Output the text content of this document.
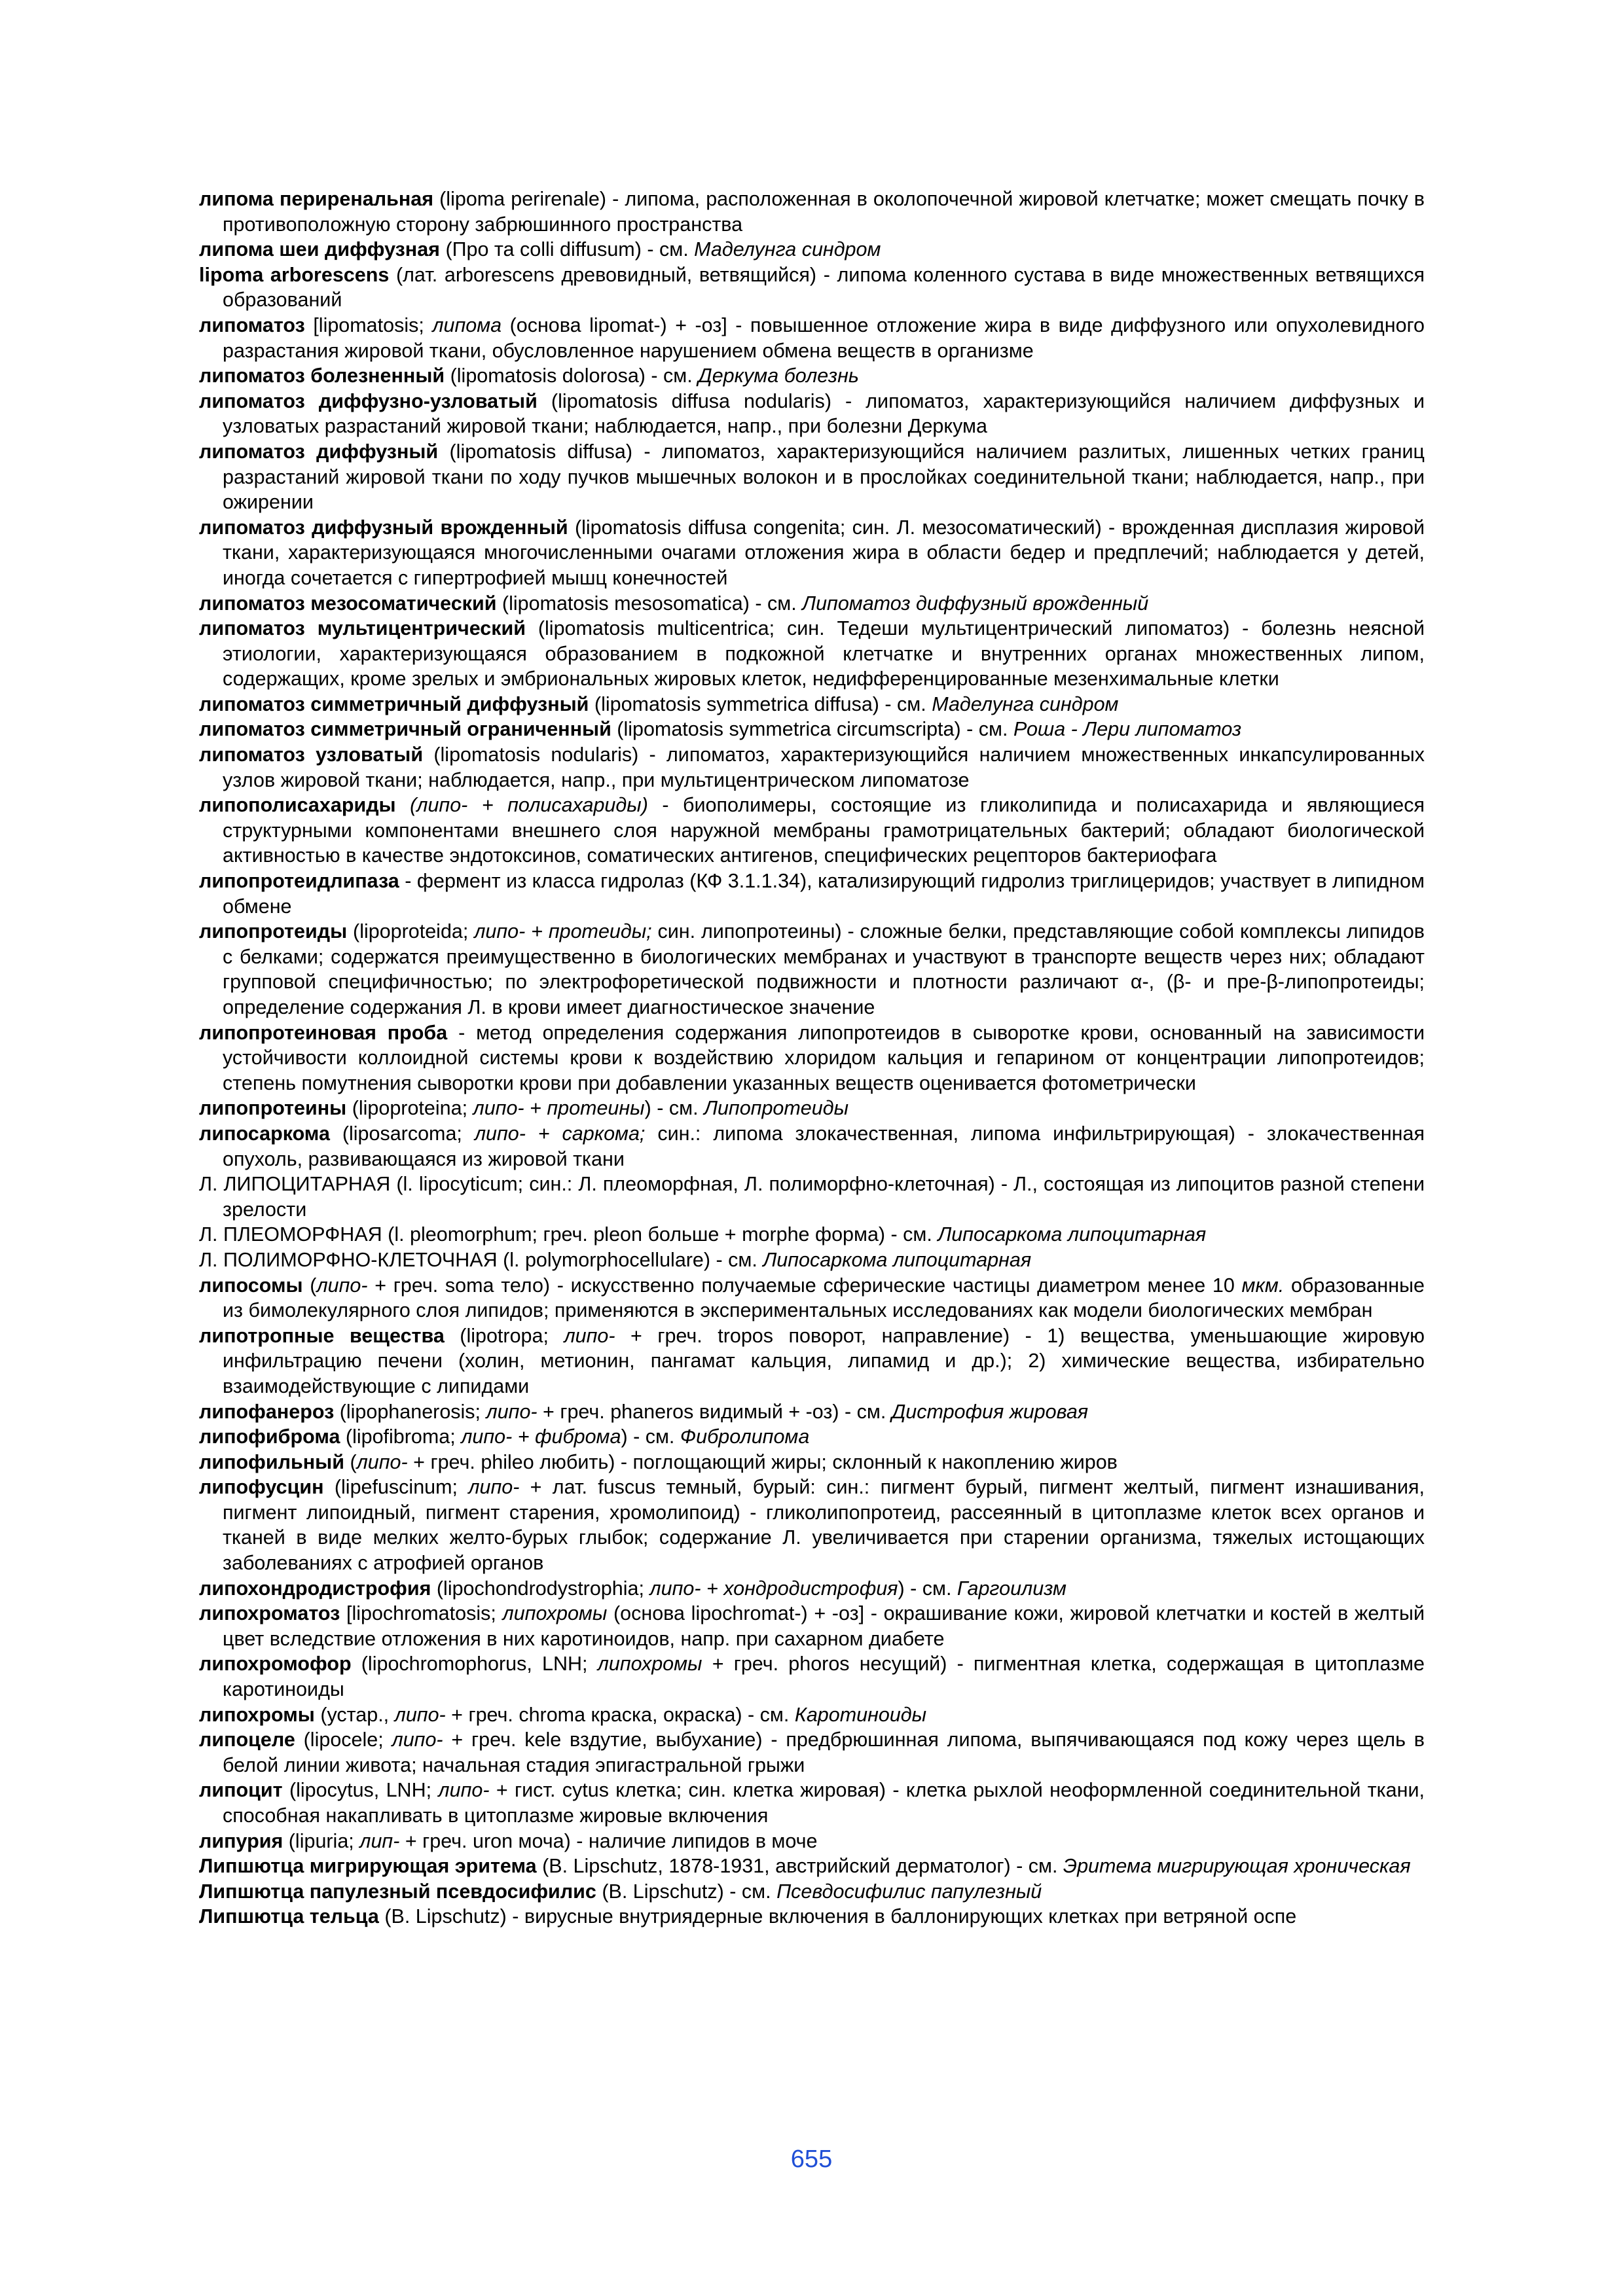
липома периренальная (lipoma perirenale) - липома, расположенная в околопочечной жировой клетчатке; может смещать почку в противоположную сторону забрюшинного пространства

липома шеи диффузная (Про та colli diffusum) - см. Маделунга синдром

lipoma arborescens (лат. arborescens древовидный, ветвящийся) - липома коленного сустава в виде множественных ветвящихся образований

липоматоз [lipomatosis; липома (основа lipomat-) + -оз] - повышенное отложение жира в виде диффузного или опухолевидного разрастания жировой ткани, обусловленное нарушением обмена веществ в организме

липоматоз болезненный (lipomatosis dolorosa) - см. Деркума болезнь

липоматоз диффузно-узловатый (lipomatosis diffusa nodularis) - липоматоз, характеризующийся наличием диффузных и узловатых разрастаний жировой ткани; наблюдается, напр., при болезни Деркума

липоматоз диффузный (lipomatosis diffusa) - липоматоз, характеризующийся наличием разлитых, лишенных четких границ разрастаний жировой ткани по ходу пучков мышечных волокон и в прослойках соединительной ткани; наблюдается, напр., при ожирении

липоматоз диффузный врожденный (lipomatosis diffusa congenita; син. Л. мезосоматический) - врожденная дисплазия жировой ткани, характеризующаяся многочисленными очагами отложения жира в области бедер и предплечий; наблюдается у детей, иногда сочетается с гипертрофией мышц конечностей

липоматоз мезосоматический (lipomatosis mesosomatica) - см. Липоматоз диффузный врожденный

липоматоз мультицентрический (lipomatosis multicentrica; син. Тедеши мультицентрический липоматоз) - болезнь неясной этиологии, характеризующаяся образованием в подкожной клетчатке и внутренних органах множественных липом, содержащих, кроме зрелых и эмбриональных жировых клеток, недифференцированные мезенхимальные клетки

липоматоз симметричный диффузный (lipomatosis symmetrica diffusa) - см. Маделунга синдром

липоматоз симметричный ограниченный (lipomatosis symmetrica circumscripta) - см. Роша - Лери липоматоз

липоматоз узловатый (lipomatosis nodularis) - липоматоз, характеризующийся наличием множественных инкапсулированных узлов жировой ткани; наблюдается, напр., при мультицентрическом липоматозе

липополисахариды (липо- + полисахариды) - биополимеры, состоящие из гликолипида и полисахарида и являющиеся структурными компонентами внешнего слоя наружной мембраны грамотрицательных бактерий; обладают биологической активностью в качестве эндотоксинов, соматических антигенов, специфических рецепторов бактериофага

липопротеидлипаза - фермент из класса гидролаз (КФ 3.1.1.34), катализирующий гидролиз триглицеридов; участвует в липидном обмене

липопротеиды (lipoproteida; липо- + протеиды; син. липопротеины) - сложные белки, представляющие собой комплексы липидов с белками; содержатся преимущественно в биологических мембранах и участвуют в транспорте веществ через них; обладают групповой специфичностью; по электрофоретической подвижности и плотности различают α-, (β- и пре-β-липопротеиды; определение содержания Л. в крови имеет диагностическое значение

липопротеиновая проба - метод определения содержания липопротеидов в сыворотке крови, основанный на зависимости устойчивости коллоидной системы крови к воздействию хлоридом кальция и гепарином от концентрации липопротеидов; степень помутнения сыворотки крови при добавлении указанных веществ оценивается фотометрически

липопротеины (lipoproteina; липо- + протеины) - см. Липопротеиды

липосаркома (liposarcoma; липо- + саркома; син.: липома злокачественная, липома инфильтрирующая) - злокачественная опухоль, развивающаяся из жировой ткани

Л. ЛИПОЦИТАРНАЯ (l. lipocyticum; син.: Л. плеоморфная, Л. полиморфно-клеточная) - Л., состоящая из липоцитов разной степени зрелости

Л. ПЛЕОМОРФНАЯ (l. pleomorphum; греч. pleon больше + morphe форма) - см. Липосаркома липоцитарная

Л. ПОЛИМОРФНО-КЛЕТОЧНАЯ (l. polymorphocellulare) - см. Липосаркома липоцитарная

липосомы (липо- + греч. soma тело) - искусственно получаемые сферические частицы диаметром менее 10 мкм. образованные из бимолекулярного слоя липидов; применяются в экспериментальных исследованиях как модели биологических мембран

липотропные вещества (lipotropa; липо- + греч. tropos поворот, направление) - 1) вещества, уменьшающие жировую инфильтрацию печени (холин, метионин, пангамат кальция, липамид и др.); 2) химические вещества, избирательно взаимодействующие с липидами

липофанероз (lipophanerosis; липо- + греч. phaneros видимый + -оз) - см. Дистрофия жировая

липофиброма (lipofibroma; липо- + фиброма) - см. Фибролипома

липофильный (липо- + греч. phileo любить) - поглощающий жиры; склонный к накоплению жиров

липофусцин (lipefuscinum; липо- + лат. fuscus темный, бурый: син.: пигмент бурый, пигмент желтый, пигмент изнашивания, пигмент липоидный, пигмент старения, хромолипоид) - гликолипопротеид, рассеянный в цитоплазме клеток всех органов и тканей в виде мелких желто-бурых глыбок; содержание Л. увеличивается при старении организма, тяжелых истощающих заболеваниях с атрофией органов

липохондродистрофия (lipochondrodystrophia; липо- + хондродистрофия) - см. Гаргоилизм

липохроматоз [lipochromatosis; липохромы (основа lipochromat-) + -оз] - окрашивание кожи, жировой клетчатки и костей в желтый цвет вследствие отложения в них каротиноидов, напр. при сахарном диабете

липохромофор (lipochromophorus, LNH; липохромы + греч. phoros несущий) - пигментная клетка, содержащая в цитоплазме каротиноиды

липохромы (устар., липо- + греч. chroma краска, окраска) - см. Каротиноиды

липоцеле (lipocele; липо- + греч. kele вздутие, выбухание) - предбрюшинная липома, выпячивающаяся под кожу через щель в белой линии живота; начальная стадия эпигастральной грыжи

липоцит (lipocytus, LNH; липо- + гист. cytus клетка; син. клетка жировая) - клетка рыхлой неоформленной соединительной ткани, способная накапливать в цитоплазме жировые включения

липурия (lipuria; лип- + греч. uron моча) - наличие липидов в моче

Липшютца мигрирующая эритема (B. Lipschutz, 1878-1931, австрийский дерматолог) - см. Эритема мигрирующая хроническая

Липшютца папулезный псевдосифилис (B. Lipschutz) - см. Псевдосифилис папулезный

Липшютца тельца (B. Lipschutz) - вирусные внутриядерные включения в баллонирующих клетках при ветряной оспе

655
